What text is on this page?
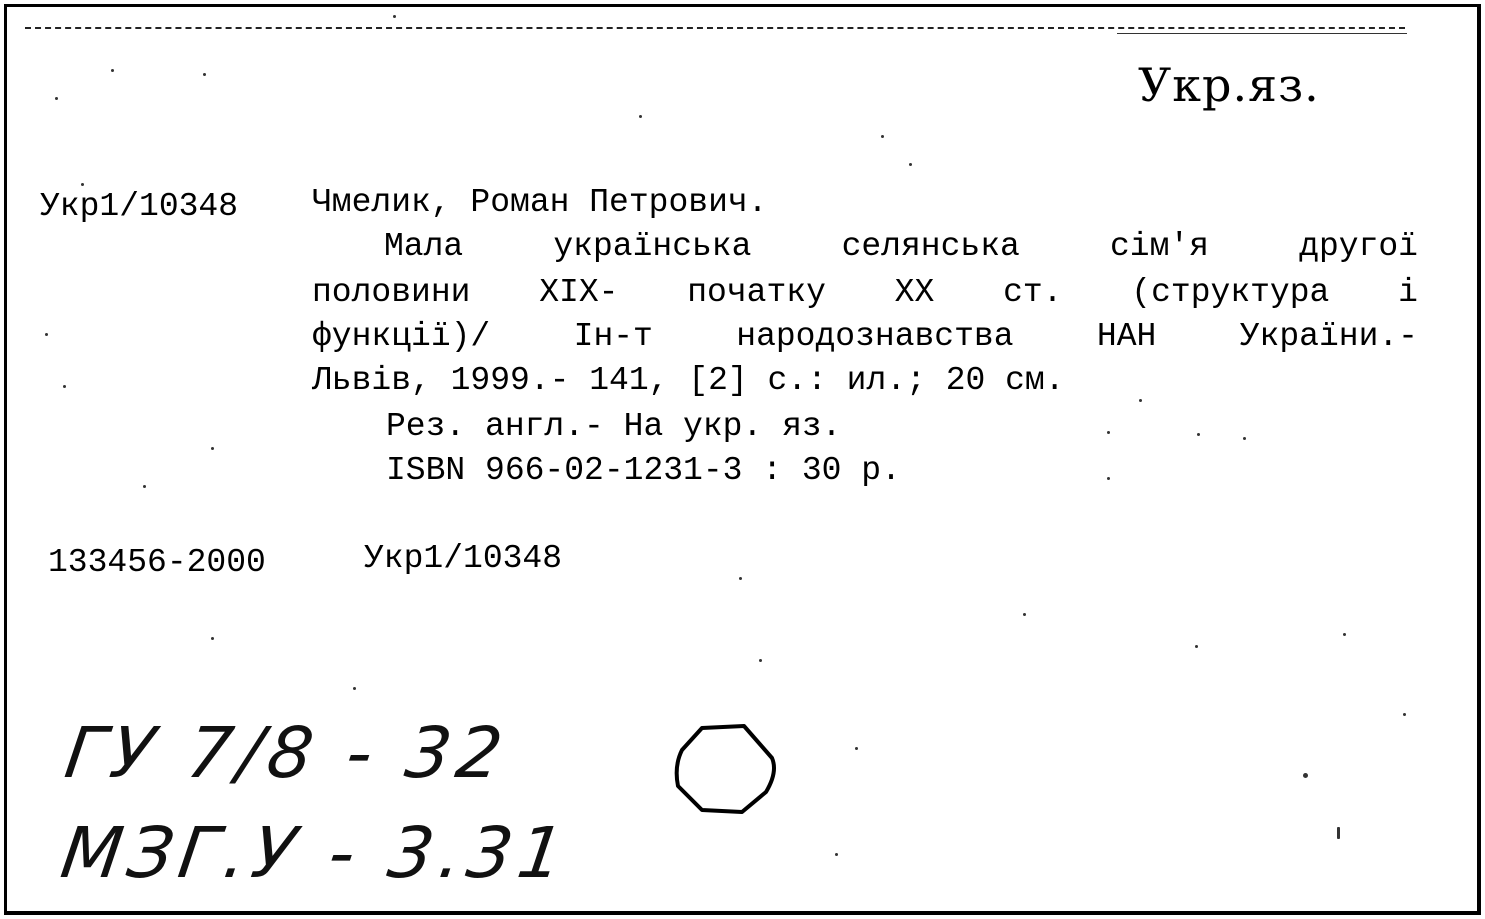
Укр.яз.
Укр1/10348 Чмелик, Роман Петрович.
Мала	українська	селянська	сім'я	другої
половини XIX- початку XX ст. (структура і
функції)/	Ін-т	народознавства	НАН	України.-
Львів, 1999.- 141, [2] с.: ил.; 20 см.
Рез. англ.- На укр. яз.
ISBN 966-02-1231-3 : 30 р.
133456-2000	Укр1/10348
ГУ 7/8 - 32
МЗГ.У - 3.31
